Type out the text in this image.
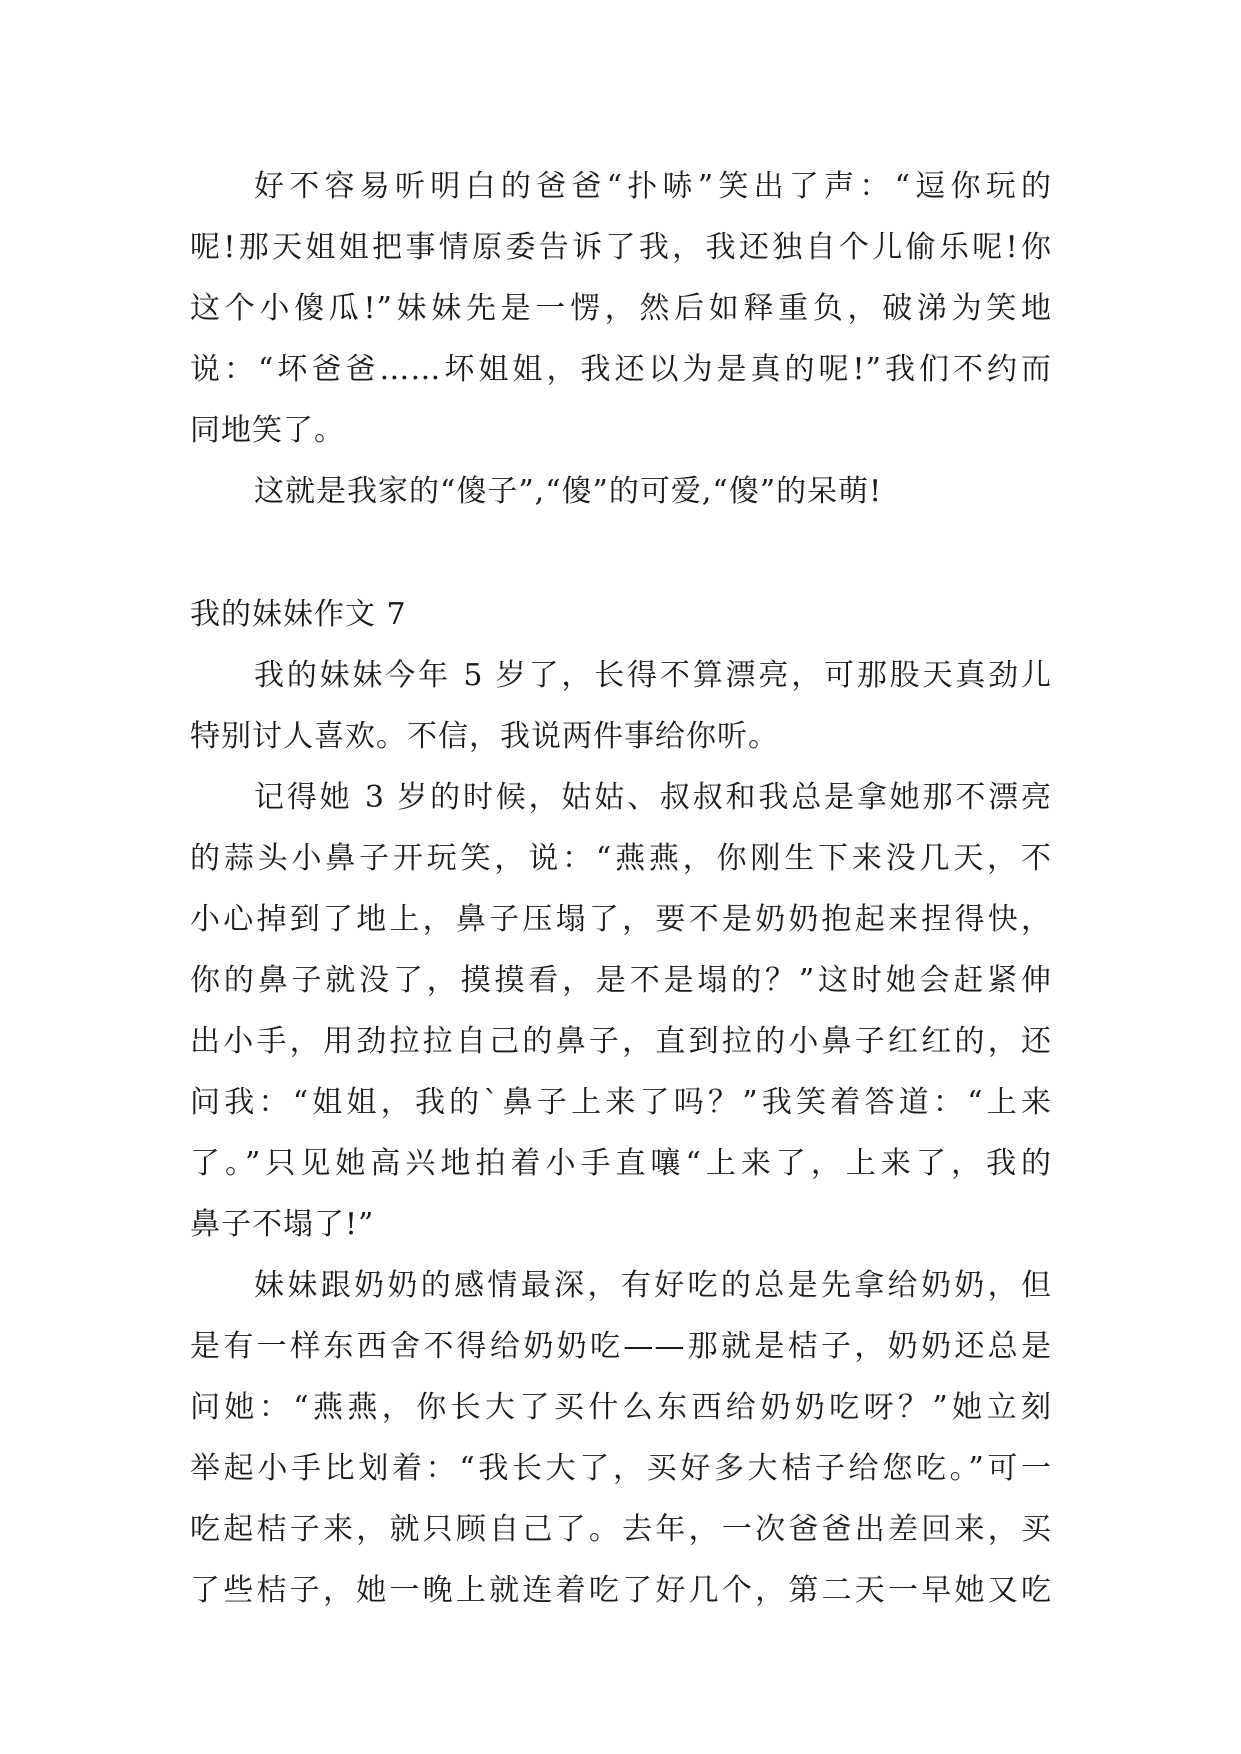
好不容易听明白的爸爸“扑哧”笑出了声：“逗你玩的
呢!那天姐姐把事情原委告诉了我，我还独自个儿偷乐呢!你
这个小傻瓜!”妹妹先是一愣，然后如释重负，破涕为笑地
说：“坏爸爸……坏姐姐，我还以为是真的呢!”我们不约而
同地笑了。

这就是我家的“傻子”,“傻”的可爱,“傻”的呆萌!

我的妹妹作文 7

我的妹妹今年 5 岁了，长得不算漂亮，可那股天真劲儿
特别讨人喜欢。不信，我说两件事给你听。

记得她 3 岁的时候，姑姑、叔叔和我总是拿她那不漂亮
的蒜头小鼻子开玩笑，说：“燕燕，你刚生下来没几天，不
小心掉到了地上，鼻子压塌了，要不是奶奶抱起来捏得快，
你的鼻子就没了，摸摸看，是不是塌的？”这时她会赶紧伸
出小手，用劲拉拉自己的鼻子，直到拉的小鼻子红红的，还
问我：“姐姐，我的`鼻子上来了吗？”我笑着答道：“上来
了。”只见她高兴地拍着小手直嚷“上来了，上来了，我的
鼻子不塌了!”

妹妹跟奶奶的感情最深，有好吃的总是先拿给奶奶，但
是有一样东西舍不得给奶奶吃——那就是桔子，奶奶还总是
问她：“燕燕，你长大了买什么东西给奶奶吃呀？”她立刻
举起小手比划着：“我长大了，买好多大桔子给您吃。”可一
吃起桔子来，就只顾自己了。去年，一次爸爸出差回来，买
了些桔子，她一晚上就连着吃了好几个，第二天一早她又吃
